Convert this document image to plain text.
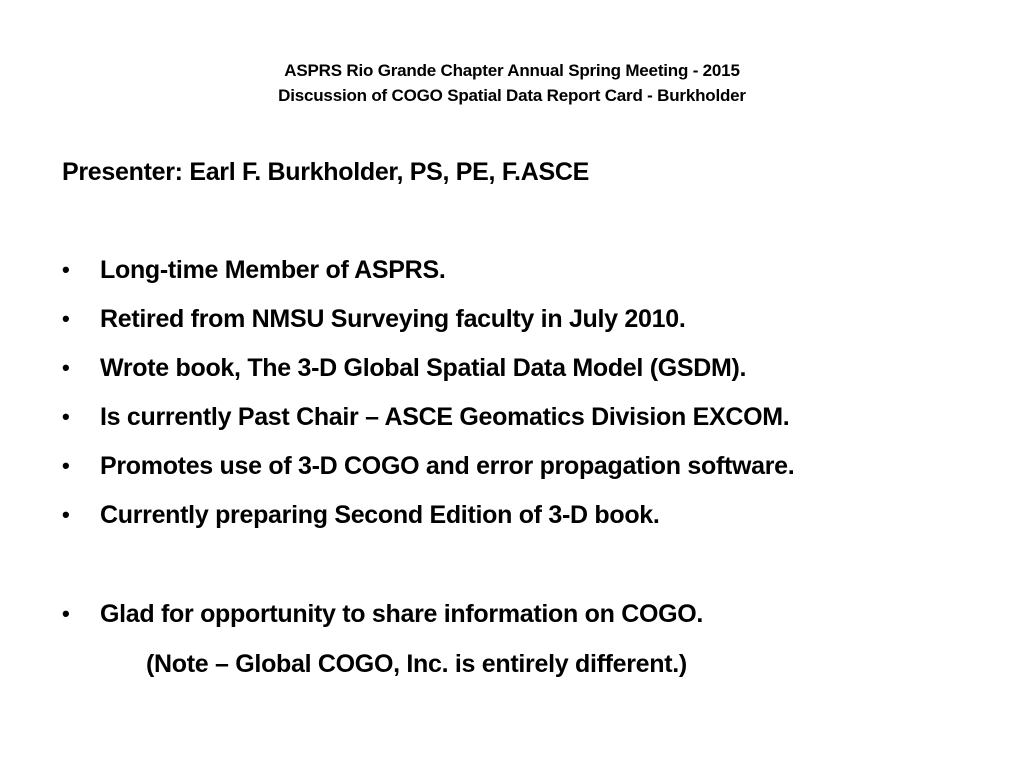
ASPRS Rio Grande Chapter Annual Spring Meeting - 2015
Discussion of COGO Spatial Data Report Card - Burkholder
Presenter: Earl F. Burkholder, PS, PE, F.ASCE
•	Long-time Member of ASPRS.
•	Retired from NMSU Surveying faculty in July 2010.
•	Wrote book, The 3-D Global Spatial Data Model (GSDM).
•	Is currently Past Chair – ASCE Geomatics Division EXCOM.
•	Promotes use of 3-D COGO and error propagation software.
•	Currently preparing Second Edition of 3-D book.
•	Glad for opportunity to share information on COGO.
(Note – Global COGO, Inc. is entirely different.)
